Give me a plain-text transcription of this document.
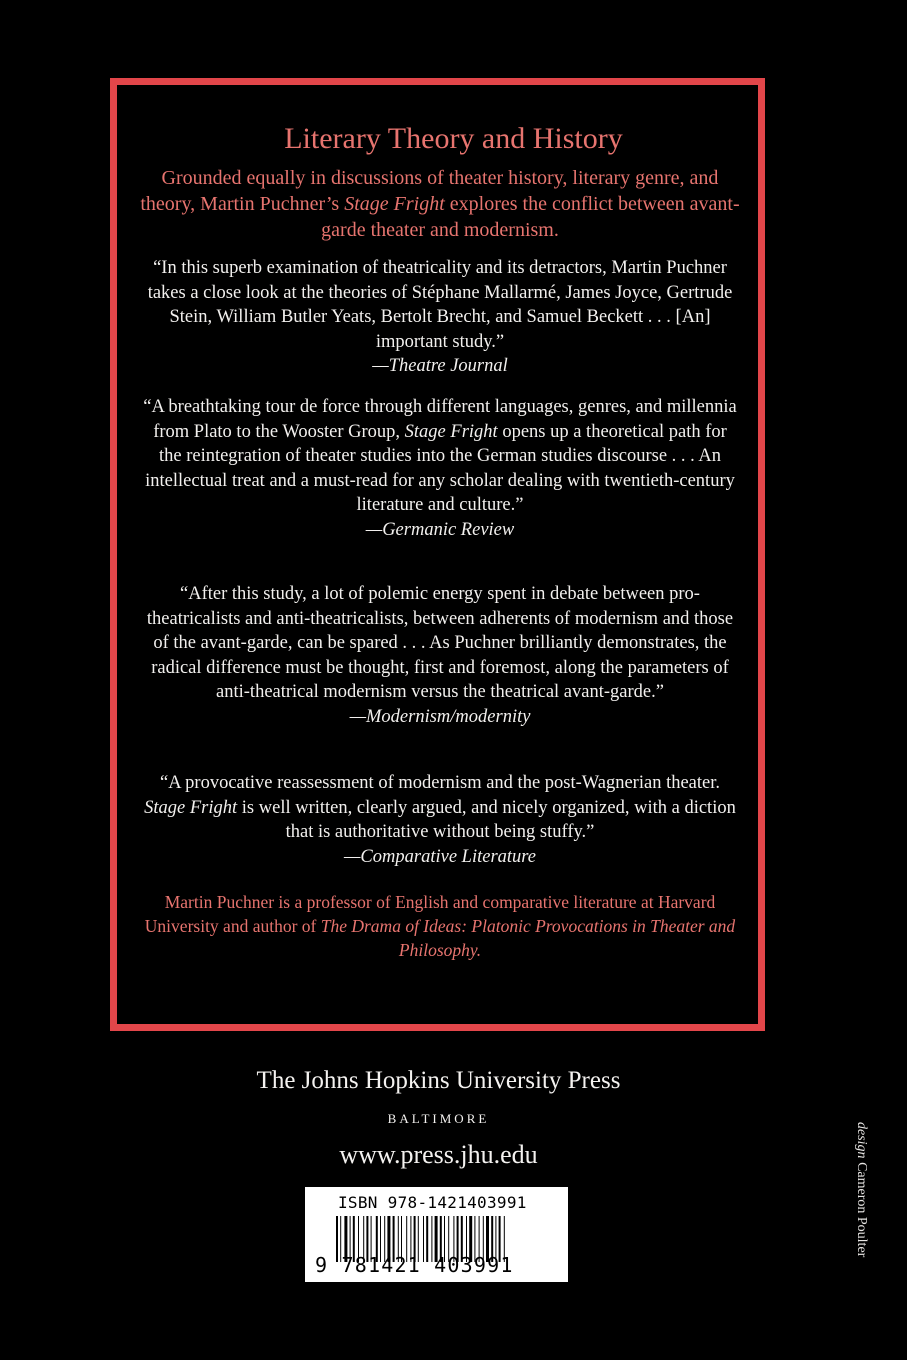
Literary Theory and History
Grounded equally in discussions of theater history, literary genre, and theory, Martin Puchner’s Stage Fright explores the conflict between avant-garde theater and modernism.

“In this superb examination of theatricality and its detractors, Martin Puchner takes a close look at the theories of Stéphane Mallarmé, James Joyce, Gertrude Stein, William Butler Yeats, Bertolt Brecht, and Samuel Beckett . . . [An] important study.”

—Theatre Journal

“A breathtaking tour de force through different languages, genres, and millennia from Plato to the Wooster Group, Stage Fright opens up a theoretical path for the reintegration of theater studies into the German studies discourse . . . An intellectual treat and a must-read for any scholar dealing with twentieth-century literature and culture.”

—Germanic Review

“After this study, a lot of polemic energy spent in debate between pro-theatricalists and anti-theatricalists, between adherents of modernism and those of the avant-garde, can be spared . . . As Puchner brilliantly demonstrates, the radical difference must be thought, first and foremost, along the parameters of anti-theatrical modernism versus the theatrical avant-garde.”

—Modernism/modernity

“A provocative reassessment of modernism and the post-Wagnerian theater. Stage Fright is well written, clearly argued, and nicely organized, with a diction that is authoritative without being stuffy.”

—Comparative Literature

Martin Puchner is a professor of English and comparative literature at Harvard University and author of The Drama of Ideas: Platonic Provocations in Theater and Philosophy.
The Johns Hopkins University Press
BALTIMORE
www.press.jhu.edu
ISBN 978-1421403991
9 781421 403991
design Cameron Poulter
